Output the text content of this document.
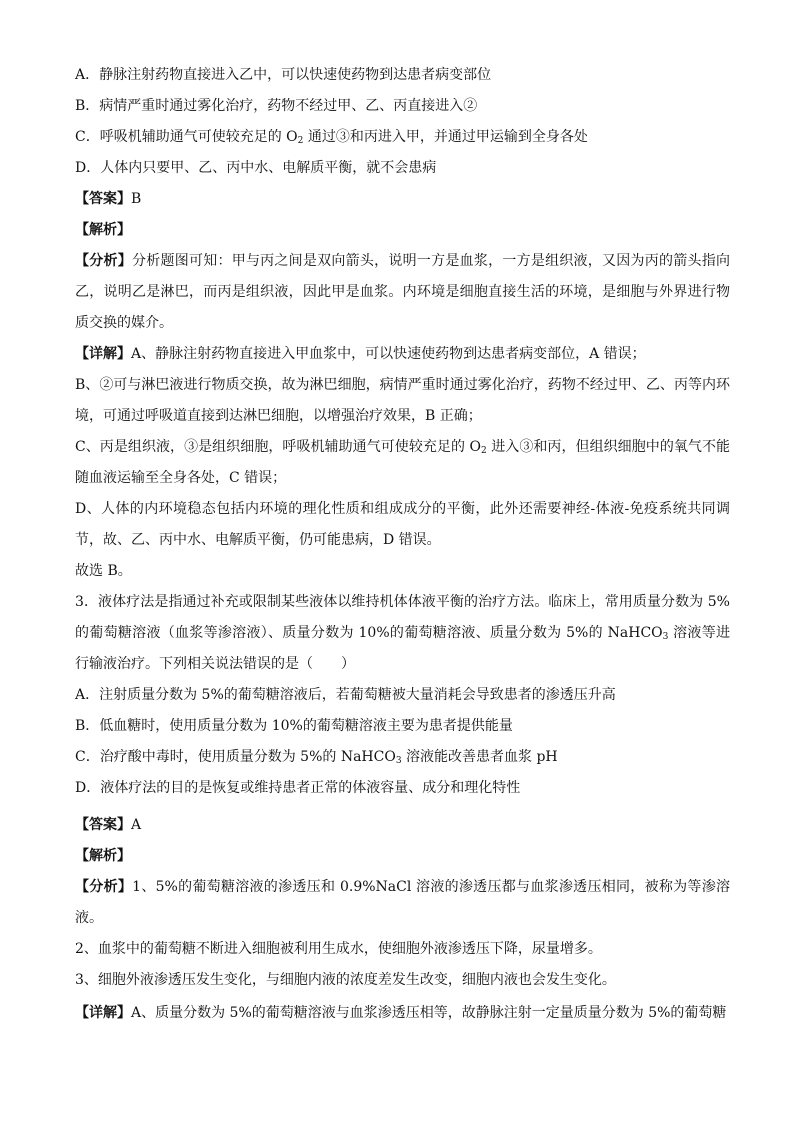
A．静脉注射药物直接进入乙中，可以快速使药物到达患者病变部位
B．病情严重时通过雾化治疗，药物不经过甲、乙、丙直接进入②
C．呼吸机辅助通气可使较充足的 $O_2$ 通过③和丙进入甲，并通过甲运输到全身各处
D．人体内只要甲、乙、丙中水、电解质平衡，就不会患病
【答案】B
【解析】
【分析】分析题图可知：甲与丙之间是双向箭头，说明一方是血浆，一方是组织液，又因为丙的箭头指向乙，说明乙是淋巴，而丙是组织液，因此甲是血浆。内环境是细胞直接生活的环境，是细胞与外界进行物质交换的媒介。
【详解】A、静脉注射药物直接进入甲血浆中，可以快速使药物到达患者病变部位，A 错误；
B、②可与淋巴液进行物质交换，故为淋巴细胞，病情严重时通过雾化治疗，药物不经过甲、乙、丙等内环境，可通过呼吸道直接到达淋巴细胞，以增强治疗效果，B 正确；
C、丙是组织液，③是组织细胞，呼吸机辅助通气可使较充足的 $O_2$ 进入③和丙，但组织细胞中的氧气不能随血液运输至全身各处，C 错误；
D、人体的内环境稳态包括内环境的理化性质和组成成分的平衡，此外还需要神经-体液-免疫系统共同调节，故、乙、丙中水、电解质平衡，仍可能患病，D 错误。
故选 B。
3．液体疗法是指通过补充或限制某些液体以维持机体体液平衡的治疗方法。临床上，常用质量分数为 5%的葡萄糖溶液（血浆等渗溶液）、质量分数为 10%的葡萄糖溶液、质量分数为 5%的 NaHCO$_3$ 溶液等进行输液治疗。下列相关说法错误的是（　　）
A．注射质量分数为 5%的葡萄糖溶液后，若葡萄糖被大量消耗会导致患者的渗透压升高
B．低血糖时，使用质量分数为 10%的葡萄糖溶液主要为患者提供能量
C．治疗酸中毒时，使用质量分数为 5%的 NaHCO$_3$ 溶液能改善患者血浆 pH
D．液体疗法的目的是恢复或维持患者正常的体液容量、成分和理化特性
【答案】A
【解析】
【分析】1、5%的葡萄糖溶液的渗透压和 0.9%NaCl 溶液的渗透压都与血浆渗透压相同，被称为等渗溶液。
2、血浆中的葡萄糖不断进入细胞被利用生成水，使细胞外液渗透压下降，尿量增多。
3、细胞外液渗透压发生变化，与细胞内液的浓度差发生改变，细胞内液也会发生变化。
【详解】A、质量分数为 5%的葡萄糖溶液与血浆渗透压相等，故静脉注射一定量质量分数为 5%的葡萄糖
